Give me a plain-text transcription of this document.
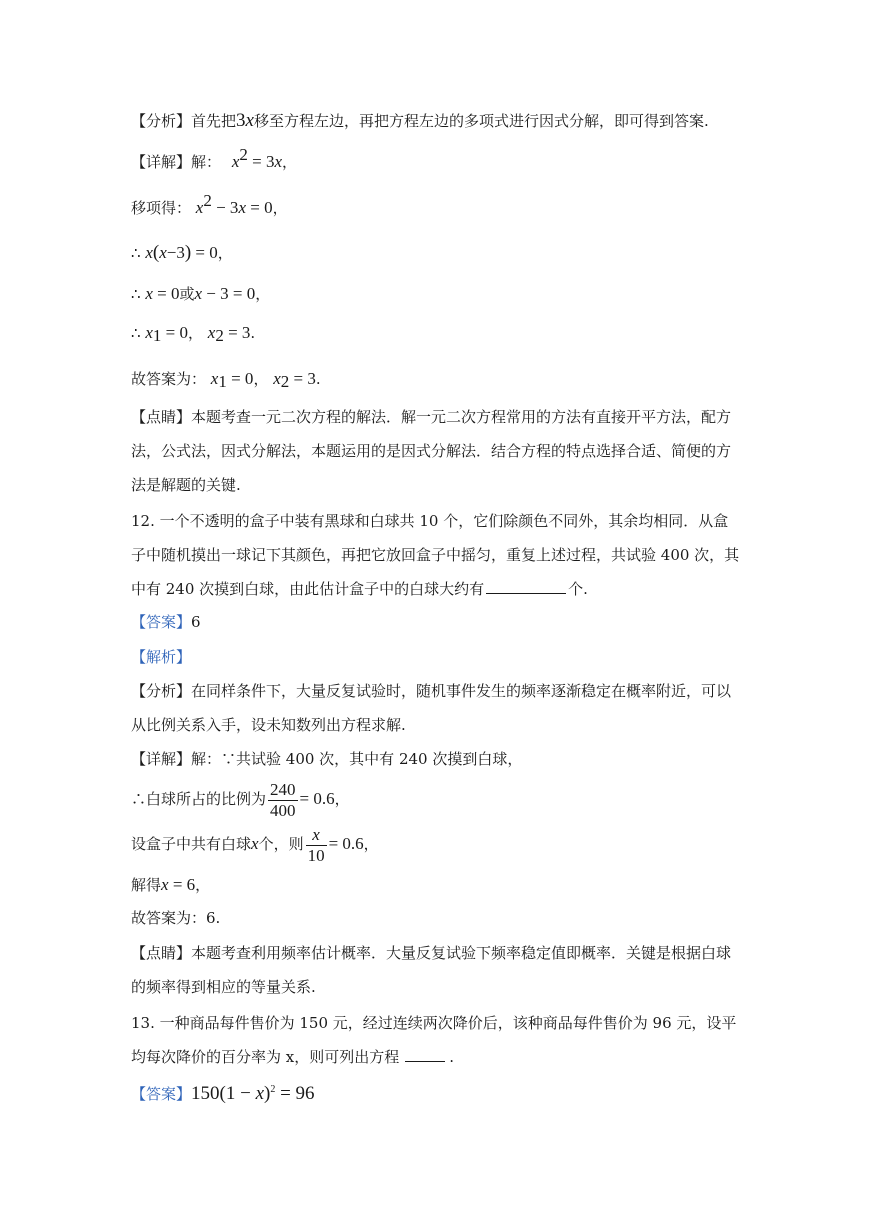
【分析】首先把3x移至方程左边，再把方程左边的多项式进行因式分解，即可得到答案.
【详解】解： $x^2 = 3x$，
移项得： $x^2 - 3x = 0$，
∴ x(x−3) = 0，
∴ x = 0或x − 3 = 0，
∴ $x_1 = 0$， $x_2 = 3$.
故答案为： $x_1 = 0$， $x_2 = 3$.
【点睛】本题考查一元二次方程的解法．解一元二次方程常用的方法有直接开平方法，配方
法，公式法，因式分解法，本题运用的是因式分解法．结合方程的特点选择合适、简便的方
法是解题的关键.
12. 一个不透明的盒子中装有黑球和白球共 10 个，它们除颜色不同外，其余均相同．从盒
子中随机摸出一球记下其颜色，再把它放回盒子中摇匀，重复上述过程，共试验 400 次，其
中有 240 次摸到白球，由此估计盒子中的白球大约有	个.
【答案】6
【解析】
【分析】在同样条件下，大量反复试验时，随机事件发生的频率逐渐稳定在概率附近，可以
从比例关系入手，设未知数列出方程求解.
【详解】解：∵共试验 400 次，其中有 240 次摸到白球，
∴白球所占的比例为 $\frac{240}{400} = 0.6$，
设盒子中共有白球x个，则 $\frac{x}{10} = 0.6$，
解得x = 6，
故答案为：6.
【点睛】本题考查利用频率估计概率．大量反复试验下频率稳定值即概率．关键是根据白球
的频率得到相应的等量关系.
13. 一种商品每件售价为 150 元，经过连续两次降价后，该种商品每件售价为 96 元，设平
均每次降价的百分率为 x，则可列出方程	.
【答案】$150(1 - x)^2 = 96$
